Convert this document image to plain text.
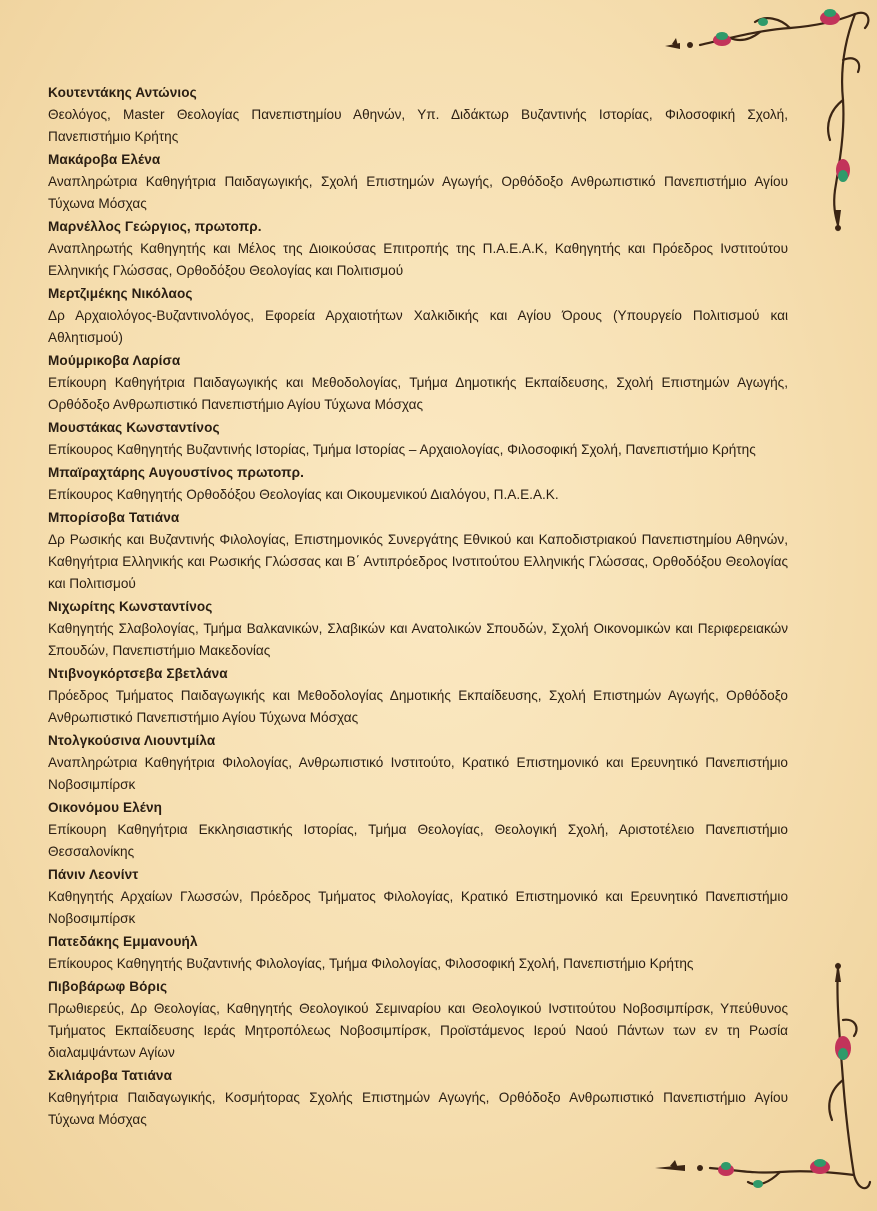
Κουτεντάκης Αντώνιος

Θεολόγος, Master Θεολογίας Πανεπιστημίου Αθηνών, Υπ. Διδάκτωρ Βυζαντινής Ιστορίας, Φιλοσοφική Σχολή, Πανεπιστήμιο Κρήτης

Μακάροβα Ελένα

Αναπληρώτρια Καθηγήτρια Παιδαγωγικής, Σχολή Επιστημών Αγωγής, Ορθόδοξο Ανθρωπιστικό Πανεπιστήμιο Αγίου Τύχωνα Μόσχας

Μαρνέλλος Γεώργιος, πρωτοπρ.

Αναπληρωτής Καθηγητής και Μέλος της Διοικούσας Επιτροπής της Π.Α.Ε.Α.Κ, Καθηγητής και Πρόεδρος Ινστιτούτου Ελληνικής Γλώσσας, Ορθοδόξου Θεολογίας και Πολιτισμού

Μερτζιμέκης Νικόλαος

Δρ Αρχαιολόγος-Βυζαντινολόγος, Εφορεία Αρχαιοτήτων Χαλκιδικής και Αγίου Όρους (Υπουργείο Πολιτισμού και Αθλητισμού)

Μούμρικοβα Λαρίσα

Επίκουρη Καθηγήτρια Παιδαγωγικής και Μεθοδολογίας, Τμήμα Δημοτικής Εκπαίδευσης, Σχολή Επιστημών Αγωγής, Ορθόδοξο Ανθρωπιστικό Πανεπιστήμιο Αγίου Τύχωνα Μόσχας

Μουστάκας Κωνσταντίνος

Επίκουρος Καθηγητής Βυζαντινής Ιστορίας, Τμήμα Ιστορίας – Αρχαιολογίας, Φιλοσοφική Σχολή, Πανεπιστήμιο Κρήτης

Μπαϊραχτάρης Αυγουστίνος πρωτοπρ.

Επίκουρος Καθηγητής Ορθοδόξου Θεολογίας και Οικουμενικού Διαλόγου, Π.Α.Ε.Α.Κ.

Μπορίσοβα Τατιάνα

Δρ Ρωσικής και Βυζαντινής Φιλολογίας, Επιστημονικός Συνεργάτης Εθνικού και Καποδιστριακού Πανεπιστημίου Αθηνών, Καθηγήτρια Ελληνικής και Ρωσικής Γλώσσας και Β΄ Αντιπρόεδρος Ινστιτούτου Ελληνικής Γλώσσας, Ορθοδόξου Θεολογίας και Πολιτισμού

Νιχωρίτης Κωνσταντίνος

Καθηγητής Σλαβολογίας, Τμήμα Βαλκανικών, Σλαβικών και Ανατολικών Σπουδών, Σχολή Οικονομικών και Περιφερειακών Σπουδών, Πανεπιστήμιο Μακεδονίας

Ντιβνογκόρτσεβα Σβετλάνα

Πρόεδρος Τμήματος Παιδαγωγικής και Μεθοδολογίας Δημοτικής Εκπαίδευσης, Σχολή Επιστημών Αγωγής, Ορθόδοξο Ανθρωπιστικό Πανεπιστήμιο Αγίου Τύχωνα Μόσχας

Ντολγκούσινα Λιουντμίλα

Αναπληρώτρια Καθηγήτρια Φιλολογίας, Ανθρωπιστικό Ινστιτούτο, Κρατικό Επιστημονικό και Ερευνητικό Πανεπιστήμιο Νοβοσιμπίρσκ

Οικονόμου Ελένη

Επίκουρη Καθηγήτρια Εκκλησιαστικής Ιστορίας, Τμήμα Θεολογίας, Θεολογική Σχολή, Αριστοτέλειο Πανεπιστήμιο Θεσσαλονίκης

Πάνιν Λεονίντ

Καθηγητής Αρχαίων Γλωσσών, Πρόεδρος Τμήματος Φιλολογίας, Κρατικό Επιστημονικό και Ερευνητικό Πανεπιστήμιο Νοβοσιμπίρσκ

Πατεδάκης Εμμανουήλ

Επίκουρος Καθηγητής Βυζαντινής Φιλολογίας, Τμήμα Φιλολογίας, Φιλοσοφική Σχολή, Πανεπιστήμιο Κρήτης

Πιβοβάρωφ Βόρις

Πρωθιερεύς, Δρ Θεολογίας, Καθηγητής Θεολογικού Σεμιναρίου και Θεολογικού Ινστιτούτου Νοβοσιμπίρσκ, Υπεύθυνος Τμήματος Εκπαίδευσης Ιεράς Μητροπόλεως Νοβοσιμπίρσκ, Προϊστάμενος Ιερού Ναού Πάντων των εν τη Ρωσία διαλαμψάντων Αγίων

Σκλιάροβα Τατιάνα

Καθηγήτρια Παιδαγωγικής, Κοσμήτορας Σχολής Επιστημών Αγωγής, Ορθόδοξο Ανθρωπιστικό Πανεπιστήμιο Αγίου Τύχωνα Μόσχας
